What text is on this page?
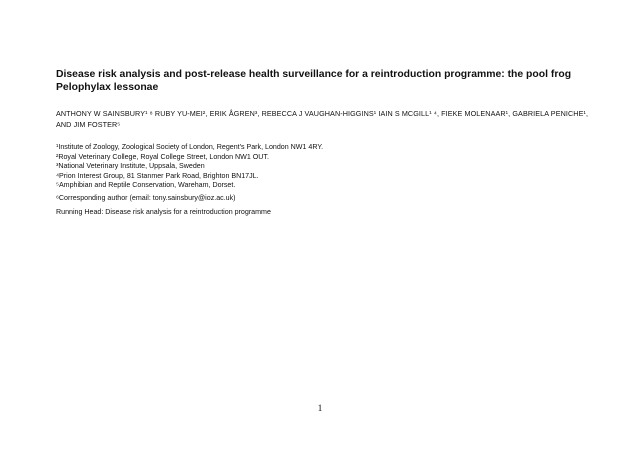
Disease risk analysis and post-release health surveillance for a reintroduction programme: the pool frog
Pelophylax lessonae
ANTHONY W SAINSBURY¹ ⁸ RUBY YU-MEI², ERIK ÅGREN³, REBECCA J VAUGHAN-HIGGINS¹ IAIN S MCGILL¹ ⁴, FIEKE MOLENAAR¹, GABRIELA PENICHE¹, AND JIM FOSTER⁵
¹Institute of Zoology, Zoological Society of London, Regent's Park, London NW1 4RY.
²Royal Veterinary College, Royal College Street, London NW1 OUT.
³National Veterinary Institute, Uppsala, Sweden
⁴Prion Interest Group, 81 Stanmer Park Road, Brighton BN17JL.
⁵Amphibian and Reptile Conservation, Wareham, Dorset.
⁶Corresponding author (email: tony.sainsbury@ioz.ac.uk)
Running Head: Disease risk analysis for a reintroduction programme
1
